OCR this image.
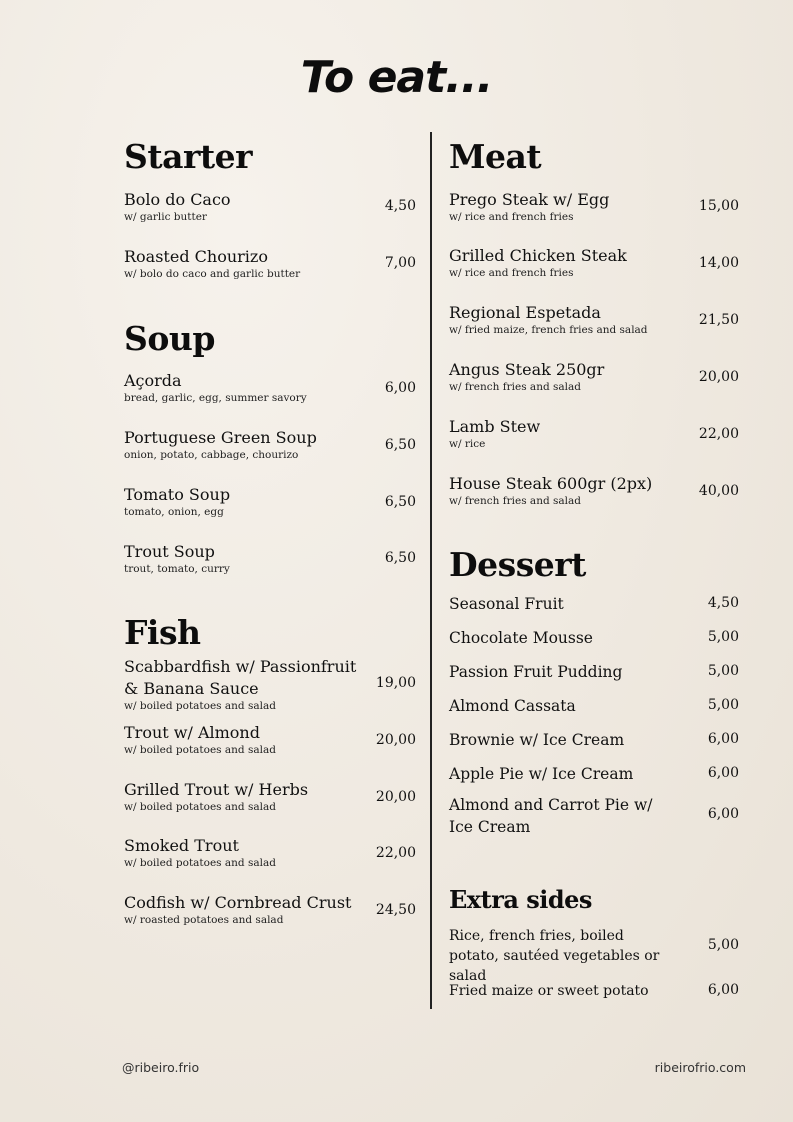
To eat...
Starter
Bolo do Caco
w/ garlic butter
4,50
Roasted Chourizo
w/ bolo do caco and garlic butter
7,00
Soup
Açorda
bread, garlic, egg, summer savory
6,00
Portuguese Green Soup
onion, potato, cabbage, chourizo
6,50
Tomato Soup
tomato, onion, egg
6,50
Trout Soup
trout, tomato, curry
6,50
Fish
Scabbardfish w/ Passionfruit & Banana Sauce
w/ boiled potatoes and salad
19,00
Trout w/ Almond
w/ boiled potatoes and salad
20,00
Grilled Trout w/ Herbs
w/ boiled potatoes and salad
20,00
Smoked Trout
w/ boiled potatoes and salad
22,00
Codfish w/ Cornbread Crust
w/ roasted potatoes and salad
24,50
Meat
Prego Steak w/ Egg
w/ rice and french fries
15,00
Grilled Chicken Steak
w/ rice and french fries
14,00
Regional Espetada
w/ fried maize, french fries and salad
21,50
Angus Steak 250gr
w/ french fries and salad
20,00
Lamb Stew
w/ rice
22,00
House Steak 600gr (2px)
w/ french fries and salad
40,00
Dessert
Seasonal Fruit	4,50
Chocolate Mousse	5,00
Passion Fruit Pudding	5,00
Almond Cassata	5,00
Brownie w/ Ice Cream	6,00
Apple Pie w/ Ice Cream	6,00
Almond and Carrot Pie w/ Ice Cream
6,00
Extra sides
Rice, french fries, boiled potato, sautéed vegetables or salad
5,00
Fried maize or sweet potato	6,00
@ribeiro.frio	ribeirofrio.com
